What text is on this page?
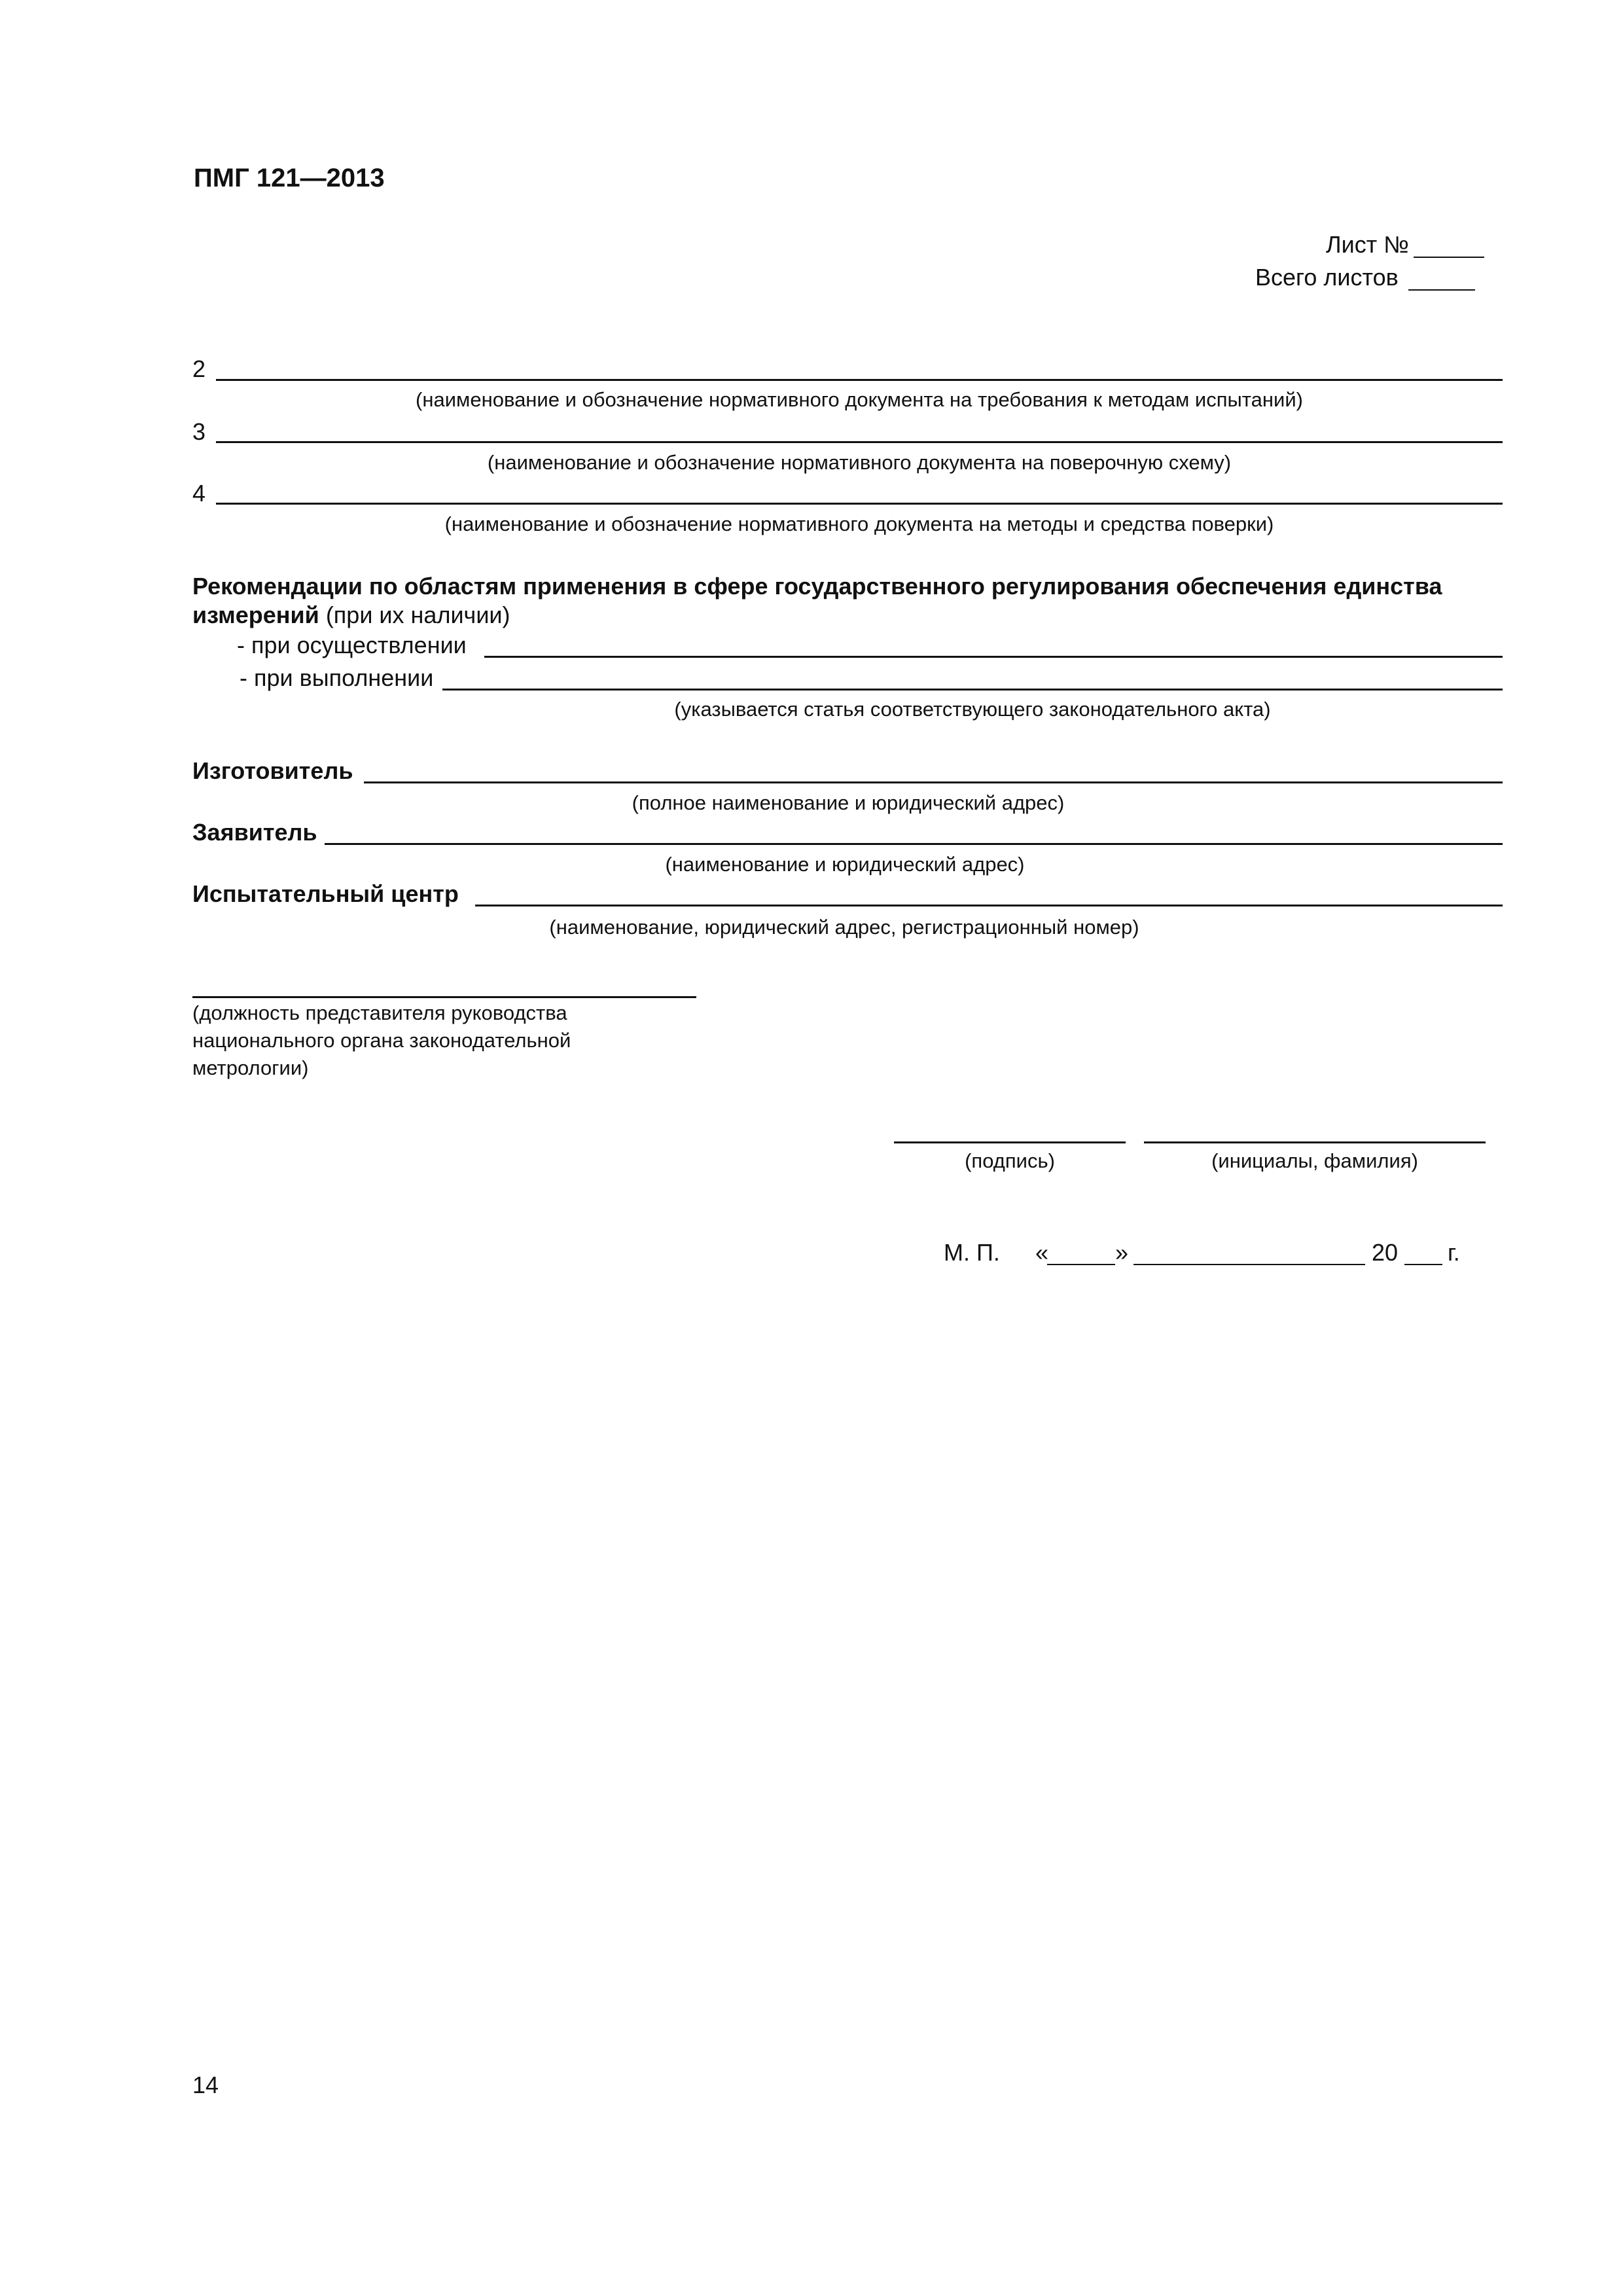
ПМГ 121—2013
Лист №
Всего листов
2
(наименование и обозначение нормативного документа на требования к методам испытаний)
3
(наименование и обозначение нормативного документа на поверочную схему)
4
(наименование и обозначение нормативного документа на методы и средства поверки)
Рекомендации по областям применения в сфере государственного регулирования обеспечения единства
измерений (при их наличии)
- при осуществлении
- при выполнении
(указывается статья соответствующего законодательного акта)
Изготовитель
(полное наименование и юридический адрес)
Заявитель
(наименование и юридический адрес)
Испытательный центр
(наименование, юридический адрес, регистрационный номер)
(должность представителя руководства
национального органа законодательной
метрологии)
(подпись)	(инициалы, фамилия)
М. П. «	»	20 г.
14
